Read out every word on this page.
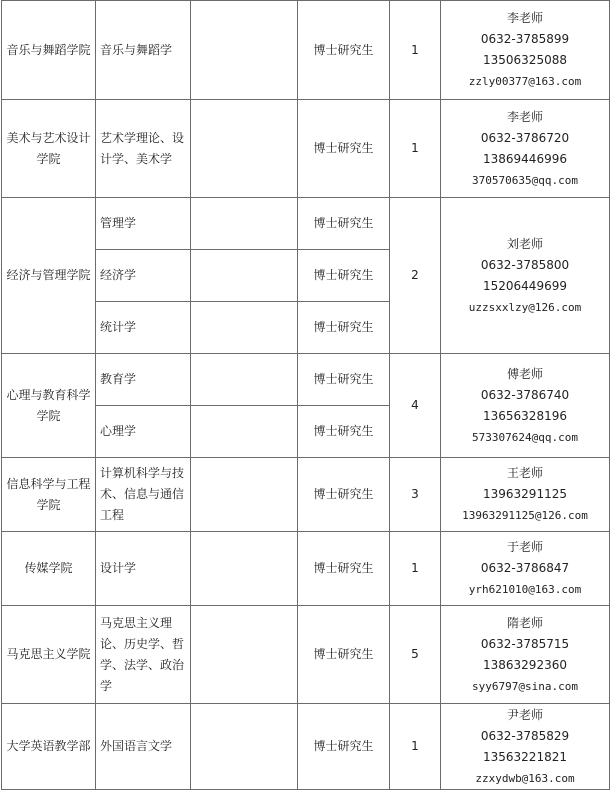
音乐与舞蹈学院	音乐与舞蹈学		博士研究生	1	李老师
0632-3785899
13506325088
zzly00377@163.com

美术与艺术设计学院	艺术学理论、设计学、美术学		博士研究生	1	李老师
0632-3786720
13869446996
370570635@qq.com

经济与管理学院	管理学		博士研究生	2	刘老师
0632-3785800
15206449699
uzzsxxlzy@126.com

	经济学		博士研究生		
	统计学		博士研究生		
心理与教育科学学院	教育学		博士研究生	4	傅老师
0632-3786740
13656328196
573307624@qq.com

	心理学		博士研究生		
信息科学与工程学院	计算机科学与技术、信息与通信工程		博士研究生	3	王老师
13963291125
13963291125@126.com

传媒学院	设计学		博士研究生	1	于老师
0632-3786847
yrh621010@163.com

马克思主义学院	马克思主义理论、历史学、哲学、法学、政治学		博士研究生	5	隋老师
0632-3785715
13863292360
syy6797@sina.com

大学英语教学部	外国语言文学		博士研究生	1	尹老师
0632-3785829
13563221821
zzxydwb@163.com
